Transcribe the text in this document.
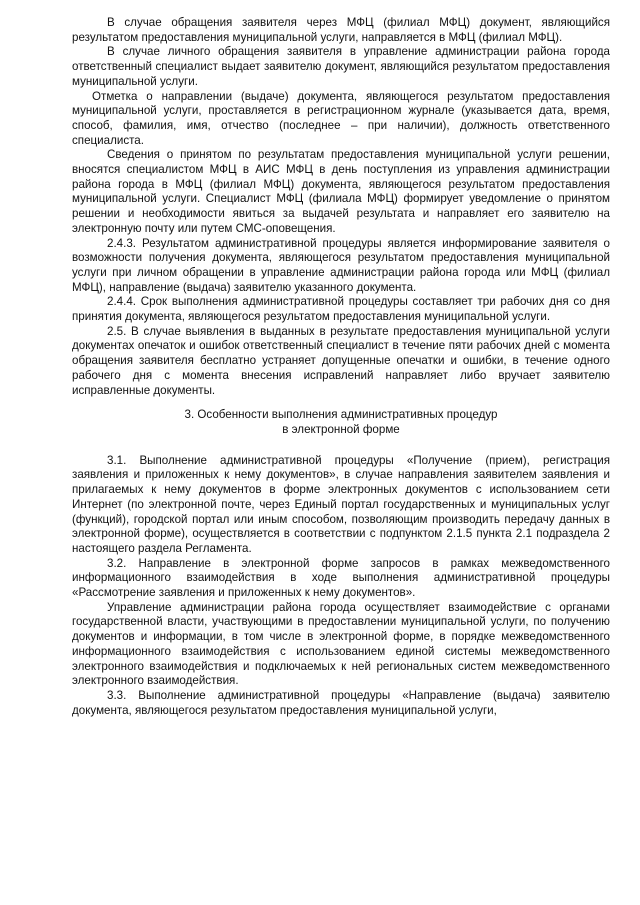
В случае обращения заявителя через МФЦ (филиал МФЦ) документ, являющийся результатом предоставления муниципальной услуги, направляется в МФЦ (филиал МФЦ).

В случае личного обращения заявителя в управление администрации района города ответственный специалист выдает заявителю документ, являющийся результатом предоставления муниципальной услуги.

Отметка о направлении (выдаче) документа, являющегося результатом предоставления муниципальной услуги, проставляется в регистрационном журнале (указывается дата, время, способ, фамилия, имя, отчество (последнее – при наличии), должность ответственного специалиста.

Сведения о принятом по результатам предоставления муниципальной услуги решении, вносятся специалистом МФЦ в АИС МФЦ в день поступления из управления администрации района города в МФЦ (филиал МФЦ) документа, являющегося результатом предоставления муниципальной услуги. Специалист МФЦ (филиала МФЦ) формирует уведомление о принятом решении и необходимости явиться за выдачей результата и направляет его заявителю на электронную почту или путем СМС-оповещения.

2.4.3. Результатом административной процедуры является информирование заявителя о возможности получения документа, являющегося результатом предоставления муниципальной услуги при личном обращении в управление администрации района города или МФЦ (филиал МФЦ), направление (выдача) заявителю указанного документа.

2.4.4. Срок выполнения административной процедуры составляет три рабочих дня со дня принятия документа, являющегося результатом предоставления муниципальной услуги.

2.5. В случае выявления в выданных в результате предоставления муниципальной услуги документах опечаток и ошибок ответственный специалист в течение пяти рабочих дней с момента обращения заявителя бесплатно устраняет допущенные опечатки и ошибки, в течение одного рабочего дня с момента внесения исправлений направляет либо вручает заявителю исправленные документы.

3. Особенности выполнения административных процедур
в электронной форме

3.1. Выполнение административной процедуры «Получение (прием), регистрация заявления и приложенных к нему документов», в случае направления заявителем заявления и прилагаемых к нему документов в форме электронных документов с использованием сети Интернет (по электронной почте, через Единый портал государственных и муниципальных услуг (функций), городской портал или иным способом, позволяющим производить передачу данных в электронной форме), осуществляется в соответствии с подпунктом 2.1.5 пункта 2.1 подраздела 2 настоящего раздела Регламента.

3.2. Направление в электронной форме запросов в рамках межведомственного информационного взаимодействия в ходе выполнения административной процедуры «Рассмотрение заявления и приложенных к нему документов».

Управление администрации района города осуществляет взаимодействие с органами государственной власти, участвующими в предоставлении муниципальной услуги, по получению документов и информации, в том числе в электронной форме, в порядке межведомственного информационного взаимодействия с использованием единой системы межведомственного электронного взаимодействия и подключаемых к ней региональных систем межведомственного электронного взаимодействия.

3.3. Выполнение административной процедуры «Направление (выдача) заявителю документа, являющегося результатом предоставления муниципальной услуги,
